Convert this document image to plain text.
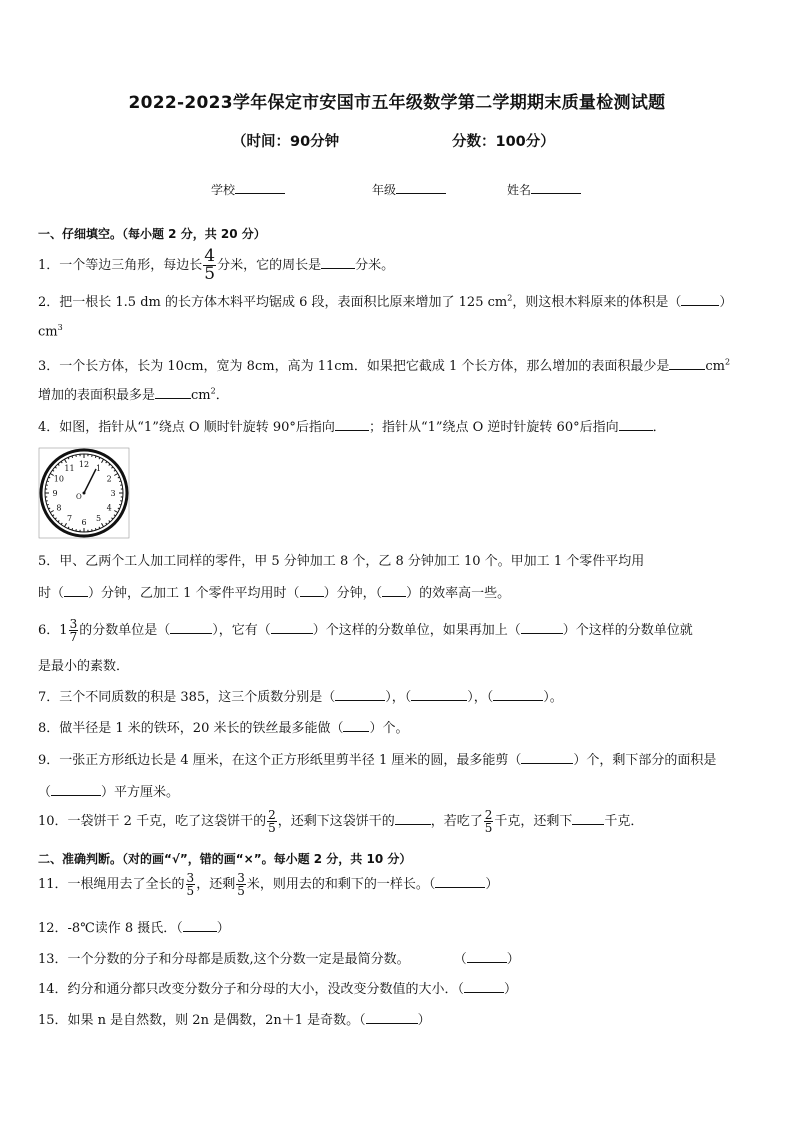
2022-2023学年保定市安国市五年级数学第二学期期末质量检测试题
（时间：90分钟	分数：100分）
学校	年级	姓名
一、仔细填空。（每小题 2 分，共 20 分）
1．一个等边三角形，每边长 $\frac{4}{5}$ 分米，它的周长是	分米。
2．把一根长 1.5 dm 的长方体木料平均锯成 6 段，表面积比原来增加了 125 $cm^2$，则这根木料原来的体积是（	）
$cm^3$
3．一个长方体，长为 10cm，宽为 8cm，高为 11cm．如果把它截成 1 个长方体，那么增加的表面积最少是	$cm^2$
增加的表面积最多是	$cm^2$．
4．如图，指针从“1”绕点 O 顺时针旋转 90°后指向	；指针从“1”绕点 O 逆时针旋转 60°后指向	．
12 1
2
3
4
5
6
7
8
9
10
11
O
5．甲、乙两个工人加工同样的零件，甲 5 分钟加工 8 个，乙 8 分钟加工 10 个。甲加工 1 个零件平均用
时（ ）分钟，乙加工 1 个零件平均用时（ ）分钟，（ ）的效率高一些。
6．$1 \frac{3}{7}$ 的分数单位是（	），它有（	）个这样的分数单位，如果再加上（	）个这样的分数单位就
是最小的素数．
7．三个不同质数的积是 385，这三个质数分别是（	），（	），（	）。
8．做半径是 1 米的铁环，20 米长的铁丝最多能做（ ）个。
9．一张正方形纸边长是 4 厘米，在这个正方形纸里剪半径 1 厘米的圆，最多能剪（	）个，剩下部分的面积是
（	）平方厘米。
10．一袋饼干 2 千克，吃了这袋饼干的 $\frac{2}{5}$ ，还剩下这袋饼干的	，若吃了 $\frac{2}{5}$ 千克，还剩下 千克．
二、准确判断。（对的画“√”，错的画“×”。每小题 2 分，共 10 分）
11．一根绳用去了全长的 $\frac{3}{5}$ ，还剩 $\frac{3}{5}$ 米，则用去的和剩下的一样长。（	）
12．-8℃读作 8 摄氏．（	）
13．一个分数的分子和分母都是质数,这个分数一定是最简分数。	（	）
14．约分和通分都只改变分数分子和分母的大小，没改变分数值的大小．（	）
15．如果 n 是自然数，则 2n 是偶数，2n＋1 是奇数。（	）
